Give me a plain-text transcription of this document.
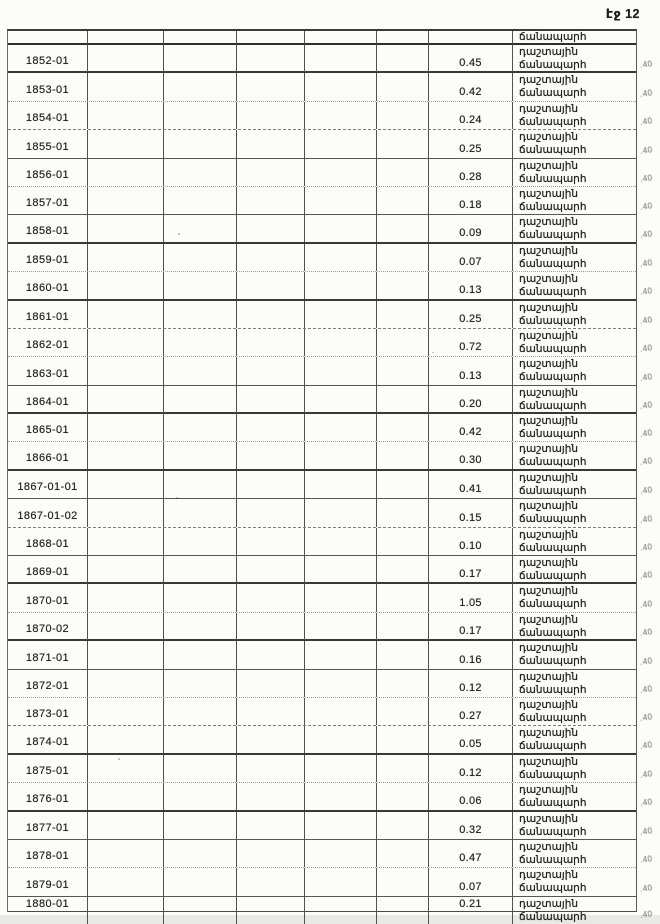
էջ 12
ճանապարհ
1852-01	0.45
դաշտային
ճանապարհ	.40
1853-01	0.42
դաշտային
ճանապարհ	.40
1854-01	0.24
դաշտային
ճանապարհ	.40
1855-01	0.25
դաշտային
ճանապարհ	.40
1856-01	0.28
դաշտային
ճանապարհ	.40
1857-01	0.18
դաշտային
ճանապարհ	.40
1858-01	0.09
դաշտային
ճանապարհ	.40
1859-01	0.07
դաշտային
ճանապարհ	.40
1860-01	0.13
դաշտային
ճանապարհ	.40
1861-01	0.25
դաշտային
ճանապարհ	.40
1862-01	0.72
դաշտային
ճանապարհ	.40
1863-01	0.13
դաշտային
ճանապարհ	.40
1864-01	0.20
դաշտային
ճանապարհ	.40
1865-01	0.42
դաշտային
ճանապարհ	.40
1866-01	0.30
դաշտային
ճանապարհ	.40
1867-01-01	0.41
դաշտային
ճանապարհ	.40
1867-01-02	0.15
դաշտային
ճանապարհ	.40
1868-01	0.10
դաշտային
ճանապարհ	.40
1869-01	0.17
դաշտային
ճանապարհ	.40
1870-01	1.05
դաշտային
ճանապարհ	.40
1870-02	0.17
դաշտային
ճանապարհ	.40
1871-01	0.16
դաշտային
ճանապարհ	.40
1872-01	0.12
դաշտային
ճանապարհ	.40
1873-01	0.27
դաշտային
ճանապարհ	.40
1874-01	0.05
դաշտային
ճանապարհ	.40
1875-01	0.12
դաշտային
ճանապարհ	.40
1876-01	0.06
դաշտային
ճանապարհ	.40
1877-01	0.32
դաշտային
ճանապարհ	.40
1878-01	0.47
դաշտային
ճանապարհ	.40
1879-01	0.07
դաշտային
ճանապարհ	.40
1880-01	0.21	դաշտային
ճանապարհ	.40
